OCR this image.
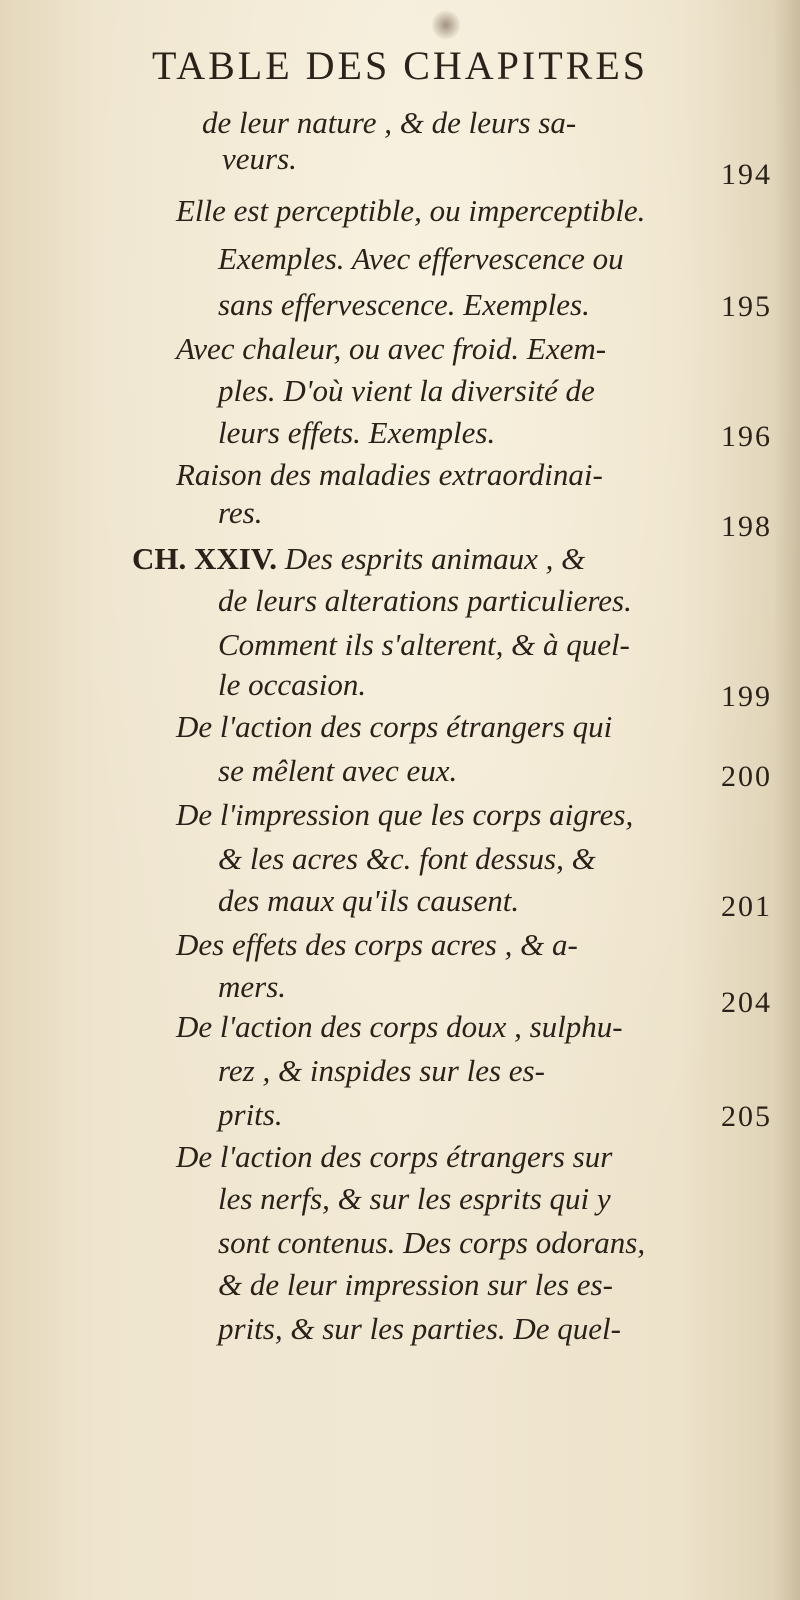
TABLE DES CHAPITRES
de leur nature , & de leurs sa-
veurs.	194
Elle est perceptible, ou imperceptible.
Exemples. Avec effervescence ou
sans effervescence. Exemples.	195
Avec chaleur, ou avec froid. Exem-
ples. D'où vient la diversité de
leurs effets. Exemples.	196
Raison des maladies extraordinai-
res.	198
CH. XXIV. Des esprits animaux , &
de leurs alterations particulieres.
Comment ils s'alterent, & à quel-
le occasion.	199
De l'action des corps étrangers qui
se mêlent avec eux.	200
De l'impression que les corps aigres,
& les acres &c. font dessus, &
des maux qu'ils causent.	201
Des effets des corps acres , & a-
mers.	204
De l'action des corps doux , sulphu-
rez , & inspides sur les es-
prits.	205
De l'action des corps étrangers sur
les nerfs, & sur les esprits qui y
sont contenus. Des corps odorans,
& de leur impression sur les es-
prits, & sur les parties. De quel-
